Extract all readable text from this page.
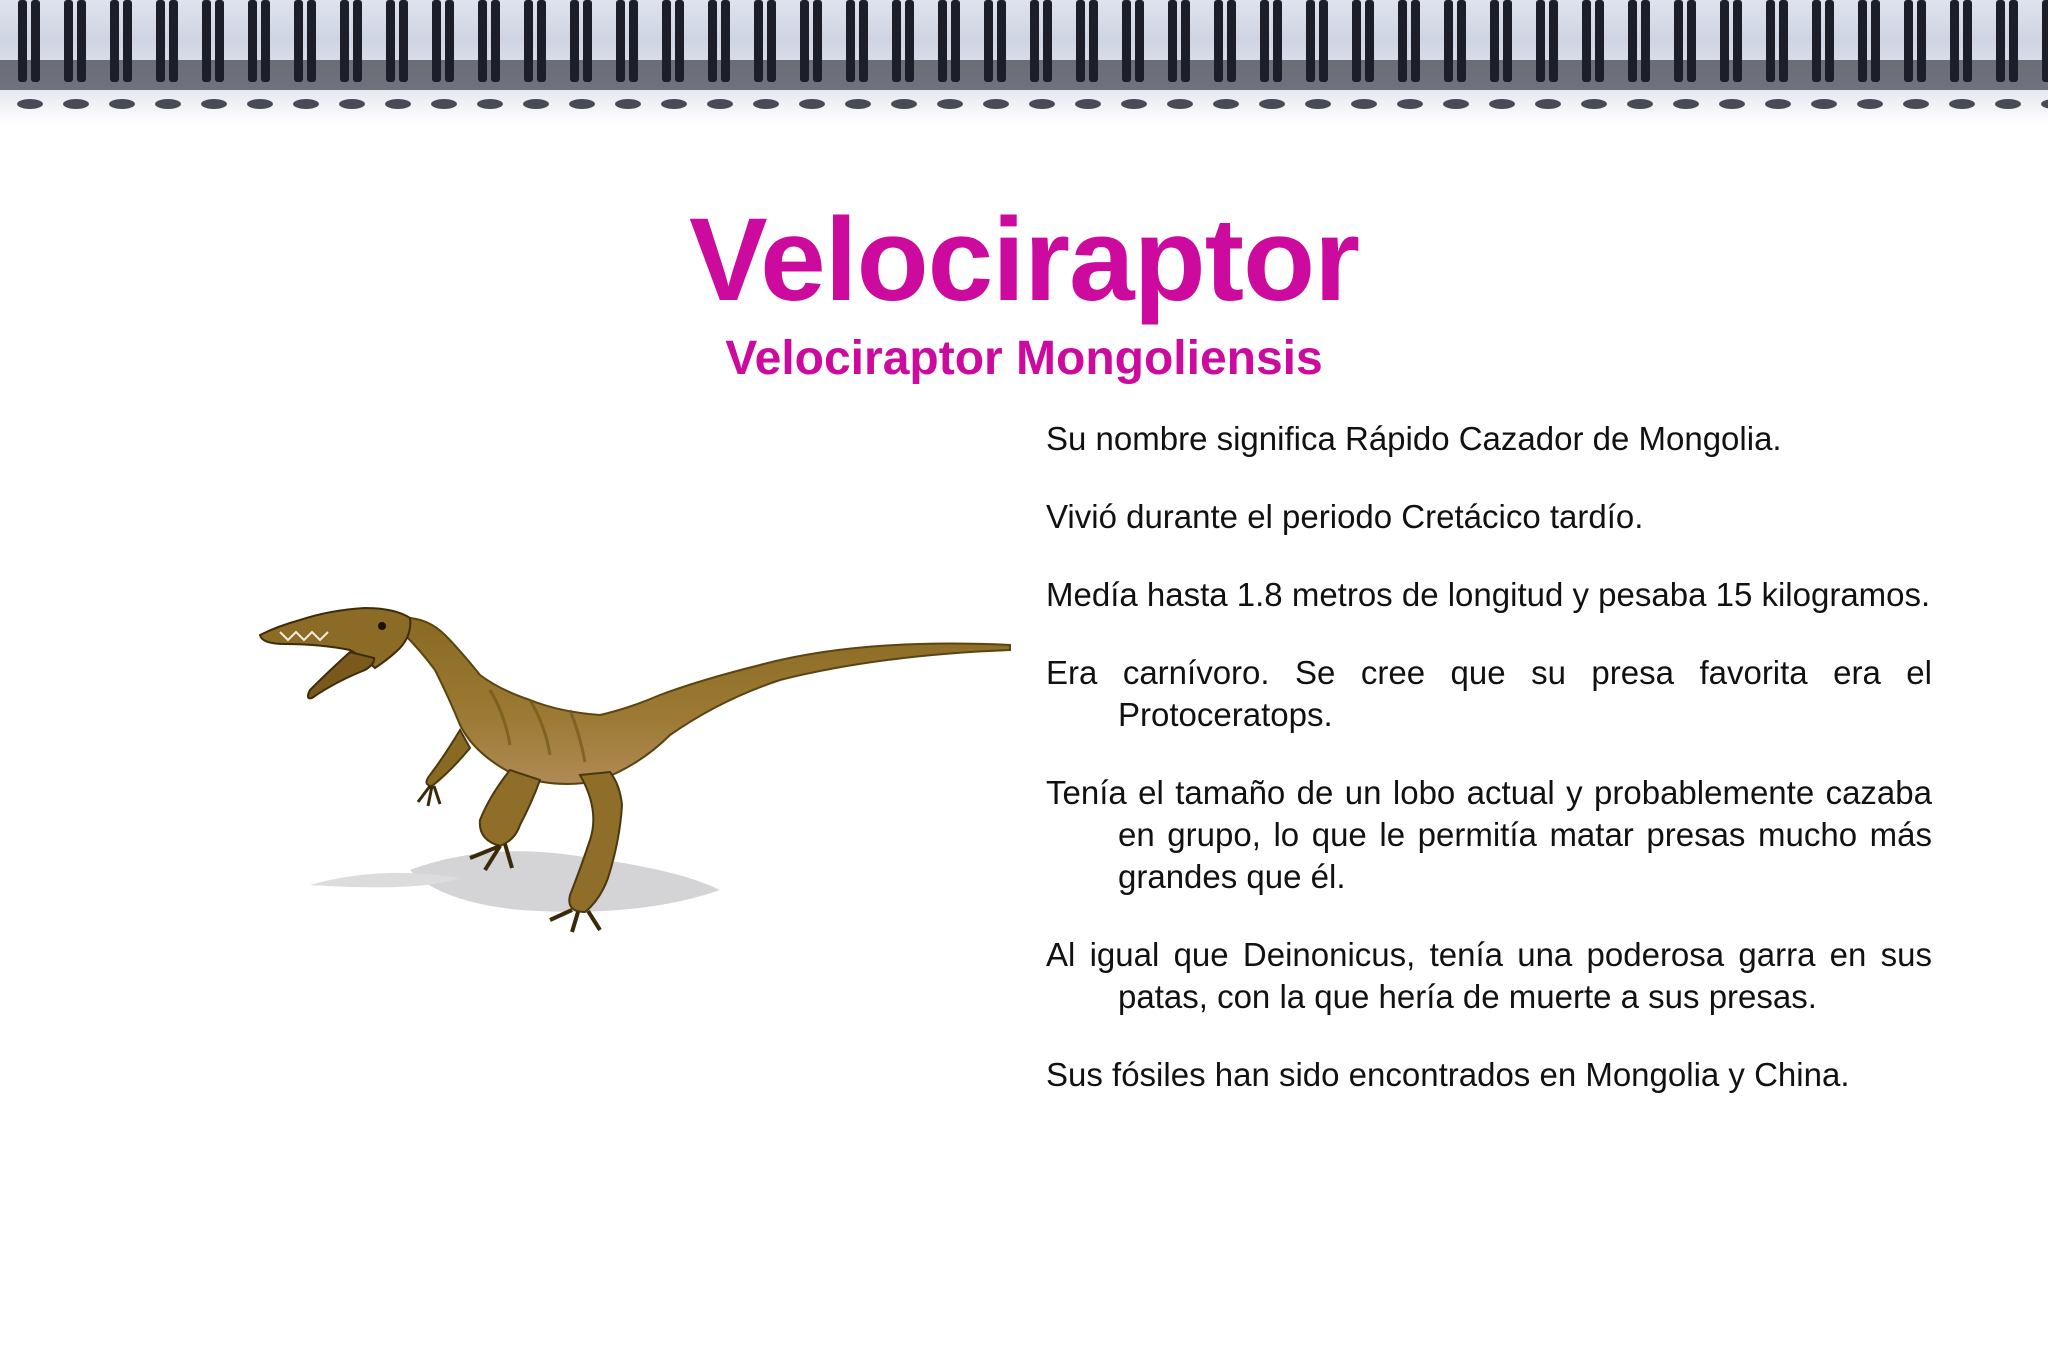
Velociraptor
Velociraptor Mongoliensis
Su nombre significa Rápido Cazador de Mongolia.
Vivió durante el periodo Cretácico tardío.
Medía hasta 1.8 metros de longitud y pesaba 15 kilogramos.
Era carnívoro. Se cree que su presa favorita era el Protoceratops.
Tenía el tamaño de un lobo actual y probablemente cazaba en grupo, lo que le permitía matar presas mucho más grandes que él.
Al igual que Deinonicus, tenía una poderosa garra en sus patas, con la que hería de muerte a sus presas.
Sus fósiles han sido encontrados en Mongolia y China.
